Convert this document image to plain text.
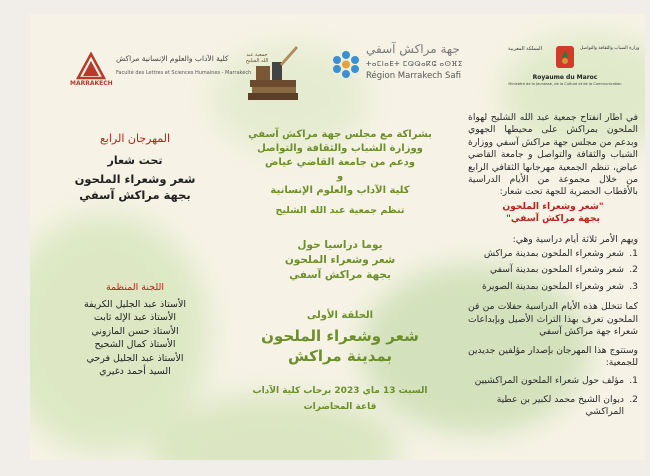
المملكة المغربية	وزارة الشباب والثقافة والتواصل
Royaume du Maroc
Ministère de la Jeunesse, de la Culture et de la Communication
جهة مراكش آسفي
ⵜⴰⵎⵏⴰⴹⵜ ⵎⵕⵕⴰⴽⵛ ⴰⵙⴼⵉ
Région Marrakech Safi
جمعية عبد الله الشليح
MARRAKECH
كلية الآداب والعلوم الإنسانية مراكش
Faculté des Lettres et Sciences Humaines - Marrakech

في اطار انفتاح جمعية عبد الله الشليح لهواة الملحون بمراكش على محيطها الجهوي وبدعم من مجلس جهة مراكش آسفي ووزارة الشباب والثقافة والتواصل و جامعة القاضي عياض، تنظم الجمعية مهرجانها الثقافي الرابع من خلال مجموعة من الأيام الدراسية بالأقطاب الحضرية للجهة تحت شعار:

"شعر وشعراء الملحون

بجهة مراكش آسفي"

ويهم الأمر ثلاثة أيام دراسية وهي:

1.
شعر وشعراء الملحون بمدينة مراكش
2.
شعر وشعراء الملحون بمدينة آسفي
3.
شعر وشعراء الملحون بمدينة الصويرة

كما تتخلل هذه الأيام الدراسية حفلات من فن الملحون تعرف بهذا التراث الأصيل وبإبداعات شعراء جهة مراكش آسفي

وستتوج هذا المهرجان بإصدار مؤلفين جديدين للجمعية:

1.
مؤلف حول شعراء الملحون المراكشيين
2.
ديوان الشيخ محمد لكبير بن عطية
المراكشي
بشراكة مع مجلس جهة مراكش آسفي
ووزارة الشباب والثقافة والتواصل
ودعم من جامعة القاضي عياض
و
كلية الآداب والعلوم الإنسانية
تنظم جمعية عبد الله الشليح
يوما دراسيا حول
شعر وشعراء الملحون
بجهة مراكش آسفي
الحلقة الأولى
شعر وشعراء الملحون
بمدينة مراكش
السبت 13 ماي 2023 برحاب كلية الآداب
قاعة المحاضرات
المهرجان الرابع
تحت شعار
شعر وشعراء الملحون
بجهة مراكش آسفي
اللجنة المنظمة
الأستاذ عبد الجليل الكريفة
الأستاذ عبد الإله ثابت
الأستاذ حسن المازوني
الأستاذ كمال الشحيح
الأستاذ عبد الجليل فرحي
السيد أحمد دغيري
